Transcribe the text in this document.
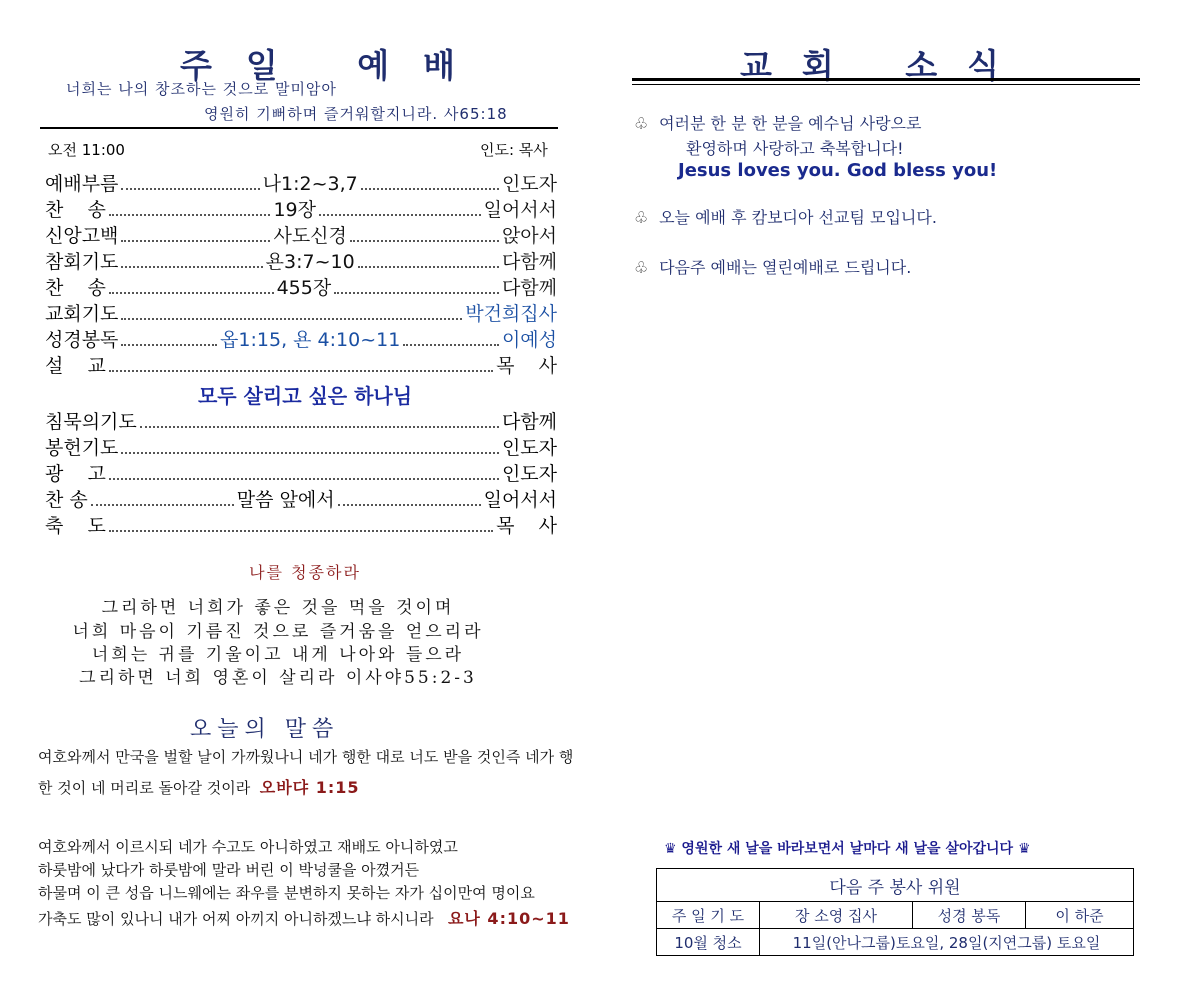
주일 예배
너희는 나의 창조하는 것으로 말미암아
영원히 기뻐하며 즐거워할지니라. 사65:18
오전 11:00	인도: 목사
예배부름	나1:2~3,7	인도자
찬    송	19장	일어서서
신앙고백	사도신경	앉아서
참회기도	욘3:7~10	다함께
찬    송	455장	다함께
교회기도	박건희집사
성경봉독	옵1:15, 욘 4:10~11	이예성
설    교	목    사
모두 살리고 싶은 하나님
침묵의기도	다함께
봉헌기도	인도자
광    고	인도자
찬 송	말씀 앞에서	일어서서
축    도	목    사
나를 청종하라
그리하면 너희가 좋은 것을 먹을 것이며
너희 마음이 기름진 것으로 즐거움을 얻으리라
너희는 귀를 기울이고 내게 나아와 들으라
그리하면 너희 영혼이 살리라 이사야55:2-3
오늘의 말씀
여호와께서 만국을 벌할 날이 가까웠나니 네가 행한 대로 너도 받을 것인즉 네가 행
한 것이 네 머리로 돌아갈 것이라 오바댜 1:15
여호와께서 이르시되 네가 수고도 아니하였고 재배도 아니하였고
하룻밤에 났다가 하룻밤에 말라 버린 이 박넝쿨을 아꼈거든
하물며 이 큰 성읍 니느웨에는 좌우를 분변하지 못하는 자가 십이만여 명이요
가축도 많이 있나니 내가 어찌 아끼지 아니하겠느냐 하시니라 요나 4:10~11
교회 소식
♧ 여러분 한 분 한 분을 예수님 사랑으로
환영하며 사랑하고 축복합니다!
Jesus loves you. God bless you!
♧ 오늘 예배 후 캄보디아 선교팀 모입니다.
♧ 다음주 예배는 열린예배로 드립니다.
♛ 영원한 새 날을 바라보면서 날마다 새 날을 살아갑니다 ♛
다음 주 봉사 위원			
주 일 기 도	장 소영 집사	성경 봉독	이 하준
10월 청소	11일(안나그룹)토요일, 28일(지연그룹) 토요일		
